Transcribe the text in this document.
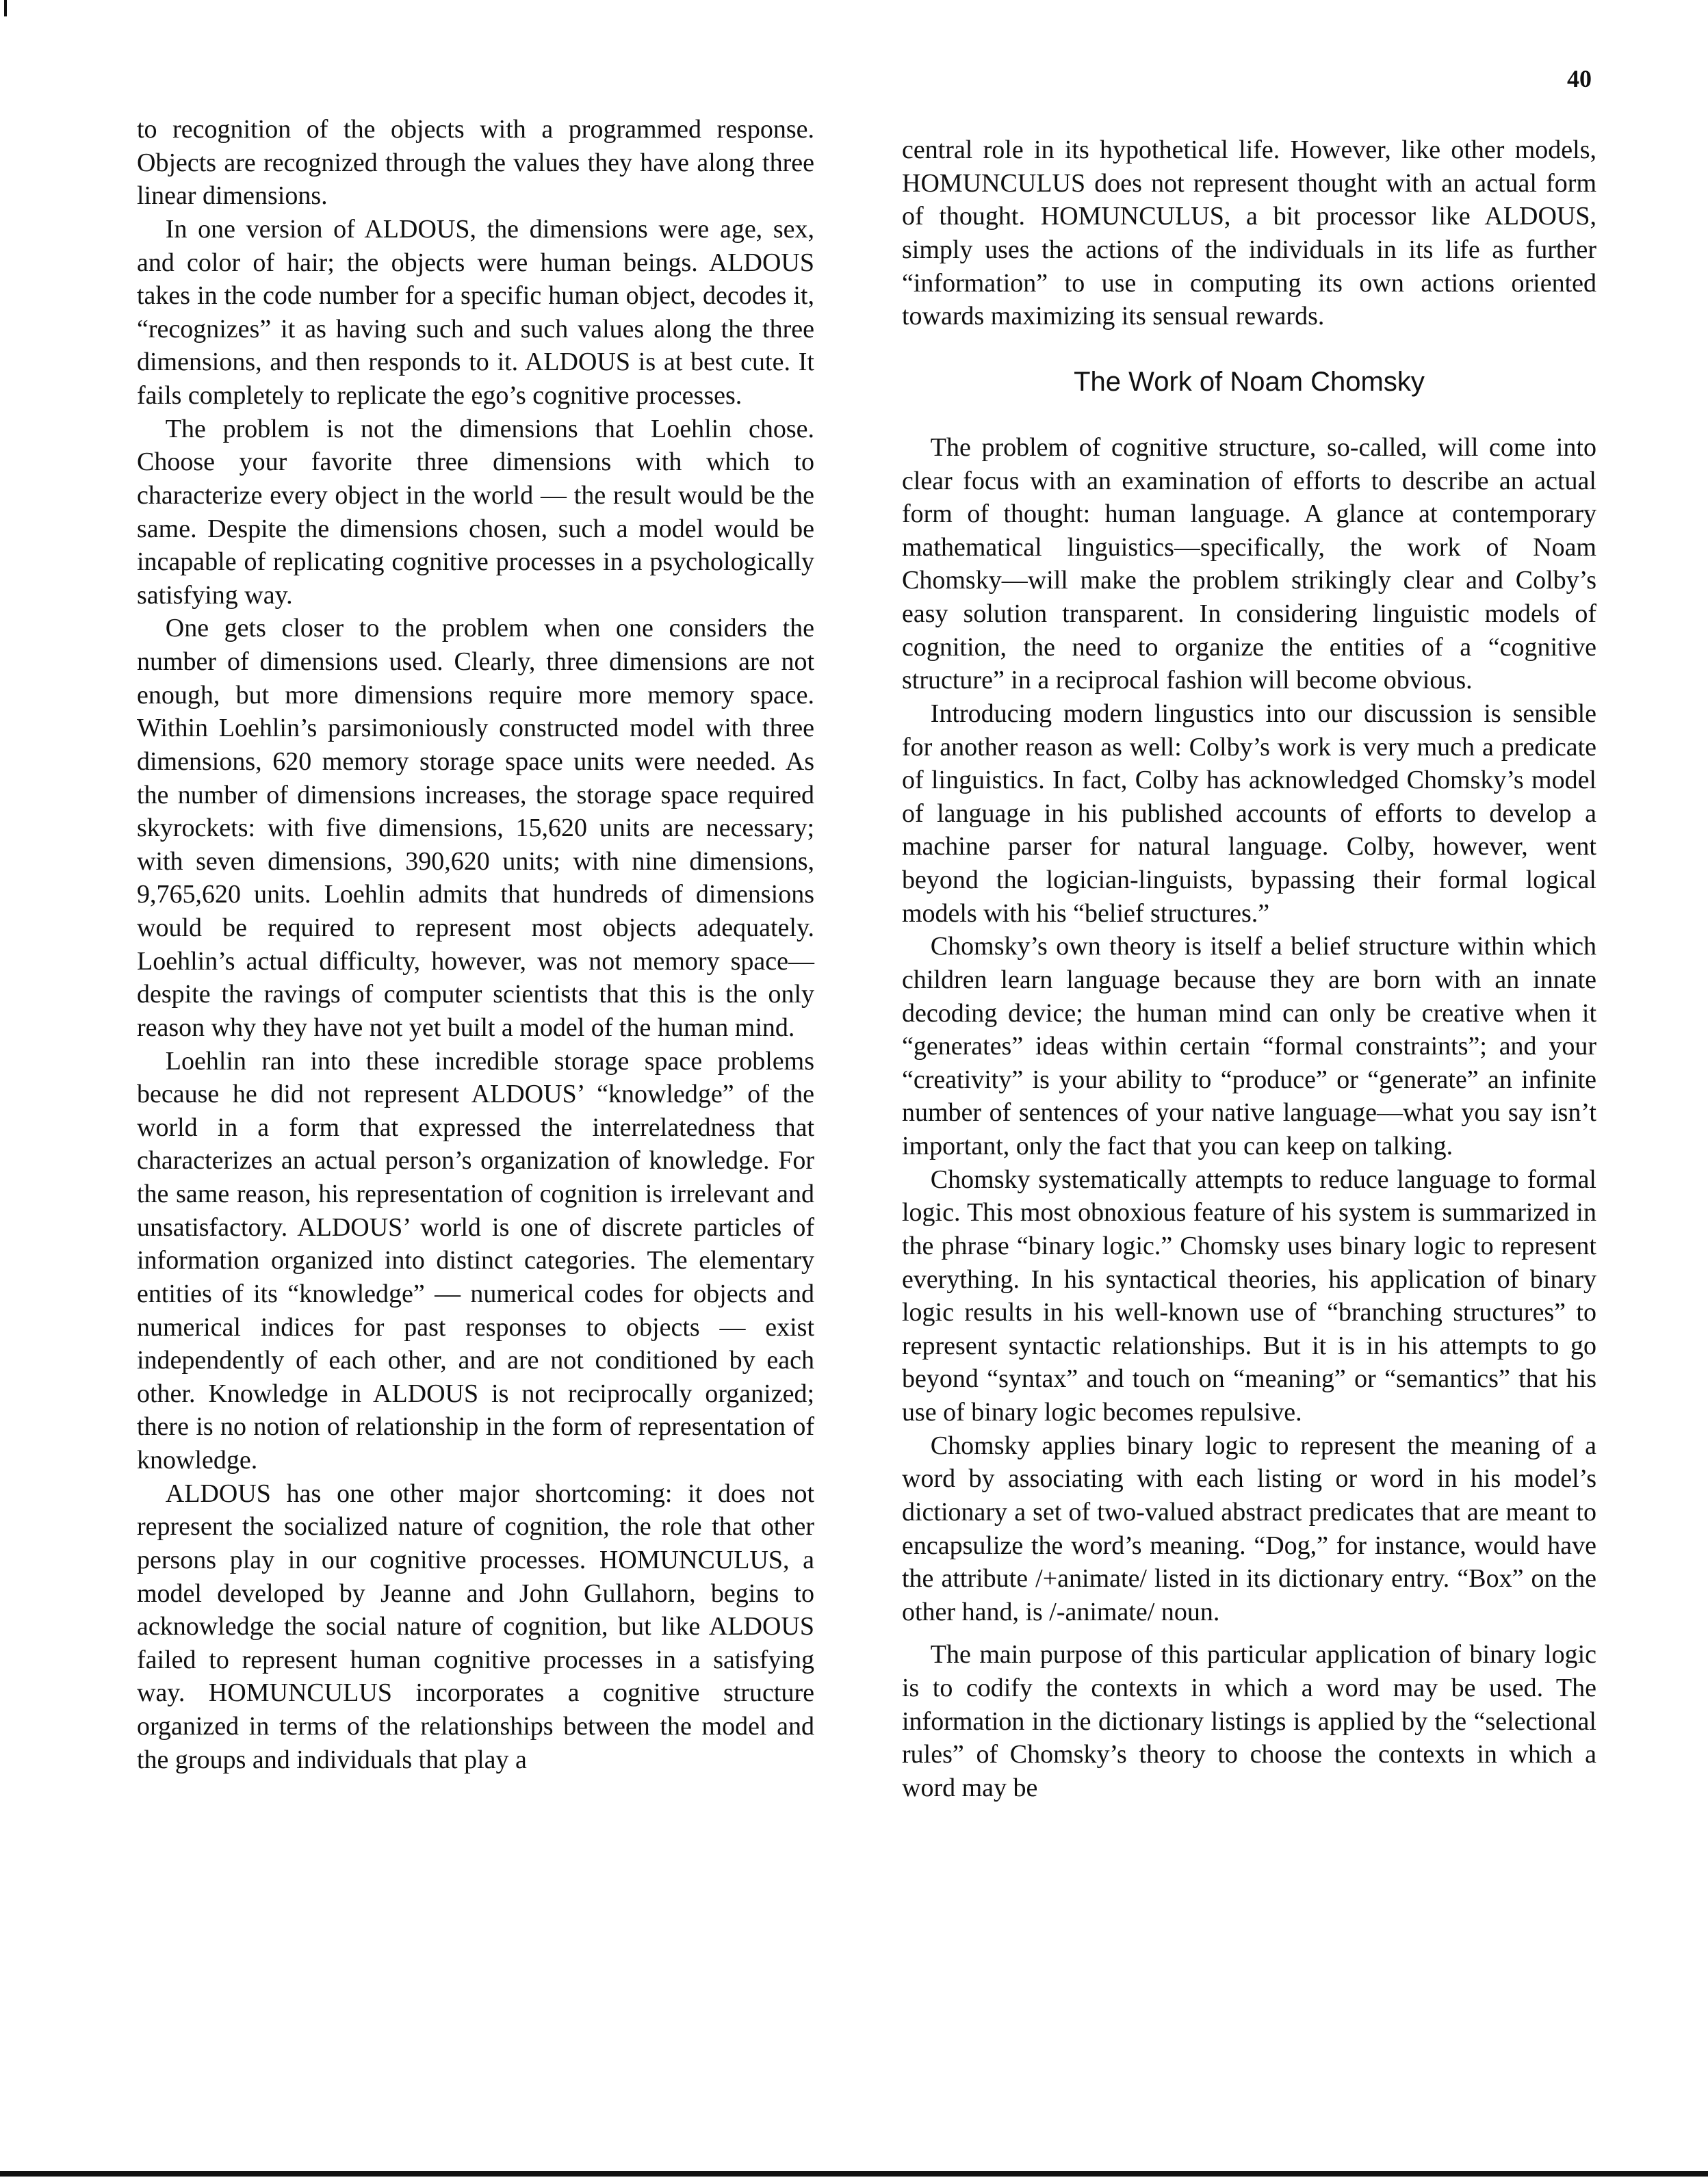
40

to recognition of the objects with a programmed response. Objects are recognized through the values they have along three linear dimensions.

In one version of ALDOUS, the dimensions were age, sex, and color of hair; the objects were human beings. ALDOUS takes in the code number for a specific human object, decodes it, “recognizes” it as having such and such values along the three dimensions, and then responds to it. ALDOUS is at best cute. It fails completely to replicate the ego’s cognitive processes.

The problem is not the dimensions that Loehlin chose. Choose your favorite three dimensions with which to characterize every object in the world — the result would be the same. Despite the dimensions chosen, such a model would be incapable of replicating cognitive processes in a psychologically satisfying way.

One gets closer to the problem when one considers the number of dimensions used. Clearly, three dimensions are not enough, but more dimensions require more memory space. Within Loehlin’s parsimoniously constructed model with three dimensions, 620 memory storage space units were needed. As the number of dimensions increases, the storage space required skyrockets: with five dimensions, 15,620 units are necessary; with seven dimensions, 390,620 units; with nine dimensions, 9,765,620 units. Loehlin admits that hundreds of dimensions would be required to represent most objects adequately. Loehlin’s actual difficulty, however, was not memory space—despite the ravings of computer scientists that this is the only reason why they have not yet built a model of the human mind.

Loehlin ran into these incredible storage space problems because he did not represent ALDOUS’ “knowledge” of the world in a form that expressed the interrelatedness that characterizes an actual person’s organization of knowledge. For the same reason, his representation of cognition is irrelevant and unsatisfactory. ALDOUS’ world is one of discrete particles of information organized into distinct categories. The elementary entities of its “knowledge” — numerical codes for objects and numerical indices for past responses to objects — exist independently of each other, and are not conditioned by each other. Knowledge in ALDOUS is not reciprocally organized; there is no notion of relationship in the form of representation of knowledge.

ALDOUS has one other major shortcoming: it does not represent the socialized nature of cognition, the role that other persons play in our cognitive processes. HOMUNCULUS, a model developed by Jeanne and John Gullahorn, begins to acknowledge the social nature of cognition, but like ALDOUS failed to represent human cognitive processes in a satisfying way. HOMUNCULUS incorporates a cognitive structure organized in terms of the relationships between the model and the groups and individuals that play a

central role in its hypothetical life. However, like other models, HOMUNCULUS does not represent thought with an actual form of thought. HOMUNCULUS, a bit processor like ALDOUS, simply uses the actions of the individuals in its life as further “information” to use in computing its own actions oriented towards maximizing its sensual rewards.

The Work of Noam Chomsky

The problem of cognitive structure, so-called, will come into clear focus with an examination of efforts to describe an actual form of thought: human language. A glance at contemporary mathematical linguistics—specifically, the work of Noam Chomsky—will make the problem strikingly clear and Colby’s easy solution transparent. In considering linguistic models of cognition, the need to organize the entities of a “cognitive structure” in a reciprocal fashion will become obvious.

Introducing modern lingustics into our discussion is sensible for another reason as well: Colby’s work is very much a predicate of linguistics. In fact, Colby has acknowledged Chomsky’s model of language in his published accounts of efforts to develop a machine parser for natural language. Colby, however, went beyond the logician-linguists, bypassing their formal logical models with his “belief structures.”

Chomsky’s own theory is itself a belief structure within which children learn language because they are born with an innate decoding device; the human mind can only be creative when it “generates” ideas within certain “formal constraints”; and your “creativity” is your ability to “produce” or “generate” an infinite number of sentences of your native language—what you say isn’t important, only the fact that you can keep on talking.

Chomsky systematically attempts to reduce language to formal logic. This most obnoxious feature of his system is summarized in the phrase “binary logic.” Chomsky uses binary logic to represent everything. In his syntactical theories, his application of binary logic results in his well-known use of “branching structures” to represent syntactic relationships. But it is in his attempts to go beyond “syntax” and touch on “meaning” or “semantics” that his use of binary logic becomes repulsive.

Chomsky applies binary logic to represent the meaning of a word by associating with each listing or word in his model’s dictionary a set of two-valued abstract predicates that are meant to encapsulize the word’s meaning. “Dog,” for instance, would have the attribute /+animate/ listed in its dictionary entry. “Box” on the other hand, is /-animate/ noun.

The main purpose of this particular application of binary logic is to codify the contexts in which a word may be used. The information in the dictionary listings is applied by the “selectional rules” of Chomsky’s theory to choose the contexts in which a word may be
